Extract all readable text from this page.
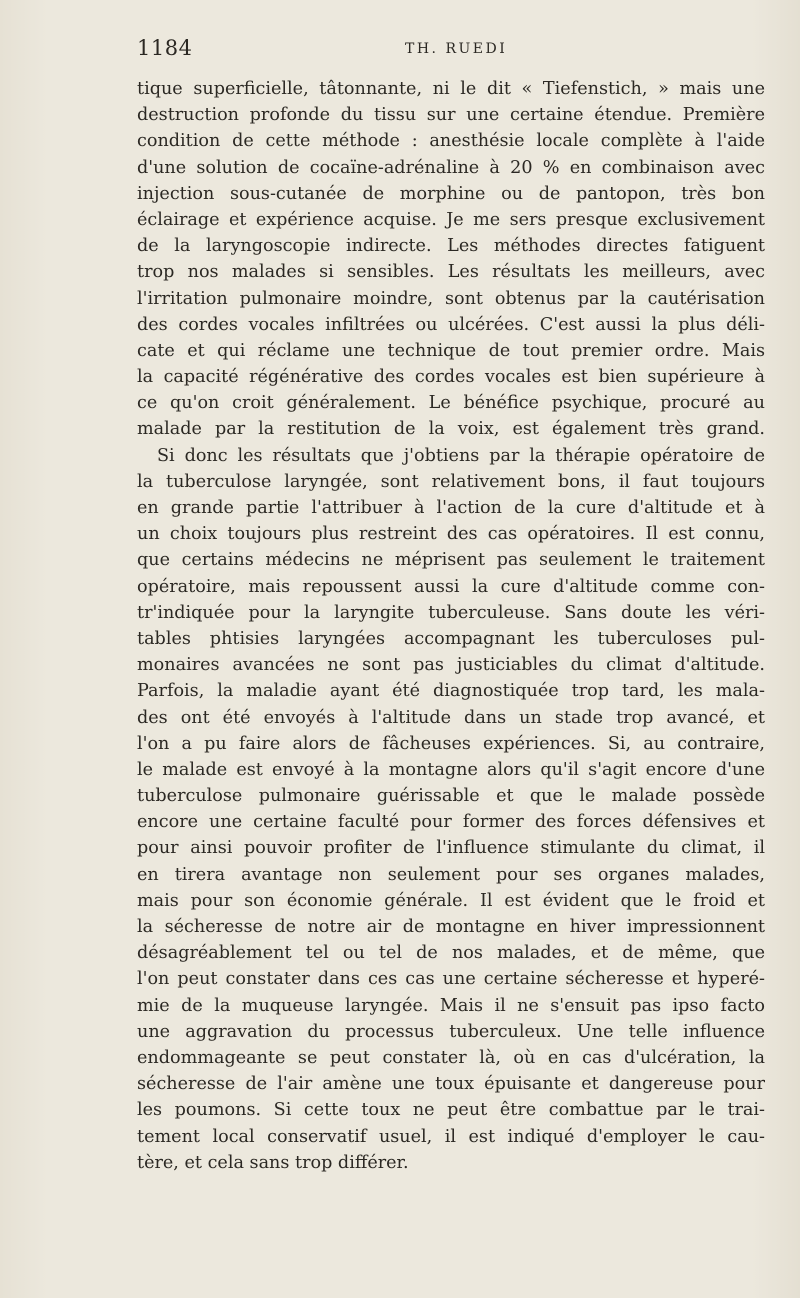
1184	TH. RUEDI
tique superficielle, tâtonnante, ni le dit « Tiefenstich, » mais une
destruction profonde du tissu sur une certaine étendue. Première
condition de cette méthode : anesthésie locale complète à l'aide
d'une solution de cocaïne-adrénaline à 20 % en combinaison avec
injection sous-cutanée de morphine ou de pantopon, très bon
éclairage et expérience acquise. Je me sers presque exclusivement
de la laryngoscopie indirecte. Les méthodes directes fatiguent
trop nos malades si sensibles. Les résultats les meilleurs, avec
l'irritation pulmonaire moindre, sont obtenus par la cautérisation
des cordes vocales infiltrées ou ulcérées. C'est aussi la plus déli-
cate et qui réclame une technique de tout premier ordre. Mais
la capacité régénérative des cordes vocales est bien supérieure à
ce qu'on croit généralement. Le bénéfice psychique, procuré au
malade par la restitution de la voix, est également très grand.
Si donc les résultats que j'obtiens par la thérapie opératoire de
la tuberculose laryngée, sont relativement bons, il faut toujours
en grande partie l'attribuer à l'action de la cure d'altitude et à
un choix toujours plus restreint des cas opératoires. Il est connu,
que certains médecins ne méprisent pas seulement le traitement
opératoire, mais repoussent aussi la cure d'altitude comme con-
tr'indiquée pour la laryngite tuberculeuse. Sans doute les véri-
tables phtisies laryngées accompagnant les tuberculoses pul-
monaires avancées ne sont pas justiciables du climat d'altitude.
Parfois, la maladie ayant été diagnostiquée trop tard, les mala-
des ont été envoyés à l'altitude dans un stade trop avancé, et
l'on a pu faire alors de fâcheuses expériences. Si, au contraire,
le malade est envoyé à la montagne alors qu'il s'agit encore d'une
tuberculose pulmonaire guérissable et que le malade possède
encore une certaine faculté pour former des forces défensives et
pour ainsi pouvoir profiter de l'influence stimulante du climat, il
en tirera avantage non seulement pour ses organes malades,
mais pour son économie générale. Il est évident que le froid et
la sécheresse de notre air de montagne en hiver impressionnent
désagréablement tel ou tel de nos malades, et de même, que
l'on peut constater dans ces cas une certaine sécheresse et hyperé-
mie de la muqueuse laryngée. Mais il ne s'ensuit pas ipso facto
une aggravation du processus tuberculeux. Une telle influence
endommageante se peut constater là, où en cas d'ulcération, la
sécheresse de l'air amène une toux épuisante et dangereuse pour
les poumons. Si cette toux ne peut être combattue par le trai-
tement local conservatif usuel, il est indiqué d'employer le cau-
tère, et cela sans trop différer.
